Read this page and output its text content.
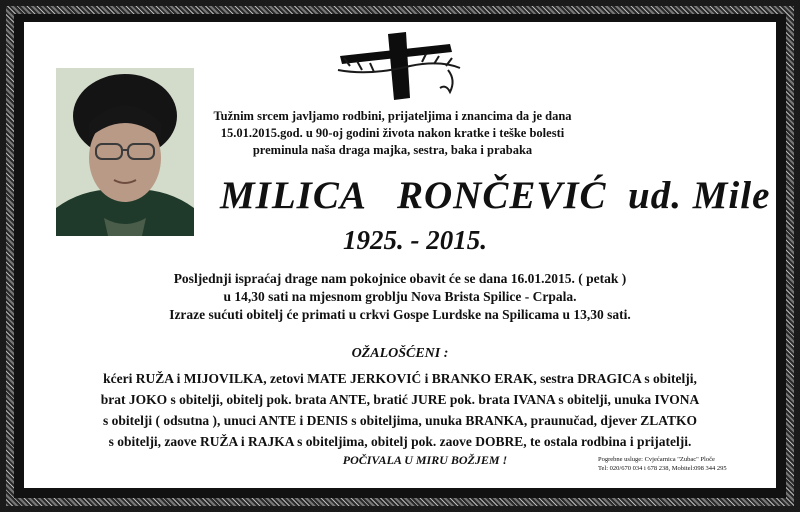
Tužnim srcem javljamo rodbini, prijateljima i znancima da je dana
15.01.2015.god. u 90-oj godini života nakon kratke i teške bolesti
preminula naša draga majka, sestra, baka i prabaka
MILICA   RONČEVIĆ  ud. Mile
1925. - 2015.
Posljednji ispraćaj drage nam pokojnice obavit će se dana 16.01.2015. ( petak )
u 14,30 sati na mjesnom groblju Nova Brista Spilice - Crpala.
Izraze sućuti obitelj će primati u crkvi Gospe Lurdske na Spilicama u 13,30 sati.
OŽALOŠĆENI :
kćeri RUŽA i MIJOVILKA, zetovi MATE JERKOVIĆ i BRANKO ERAK, sestra DRAGICA s obitelji,
brat JOKO s obitelji, obitelj pok. brata ANTE, bratić JURE pok. brata IVANA s obitelji, unuka IVONA
s obitelji ( odsutna ), unuci ANTE i DENIS s obiteljima, unuka BRANKA, praunučad, djever ZLATKO
s obitelji, zaove RUŽA i RAJKA s obiteljima, obitelj pok. zaove DOBRE, te ostala rodbina i prijatelji.
POČIVALA U MIRU BOŽJEM !	Pogrebne usluge: Cvjećarnica "Zubac" Ploče
Tel: 020/670 034 i 678 238, Mobitel:098 344 295
